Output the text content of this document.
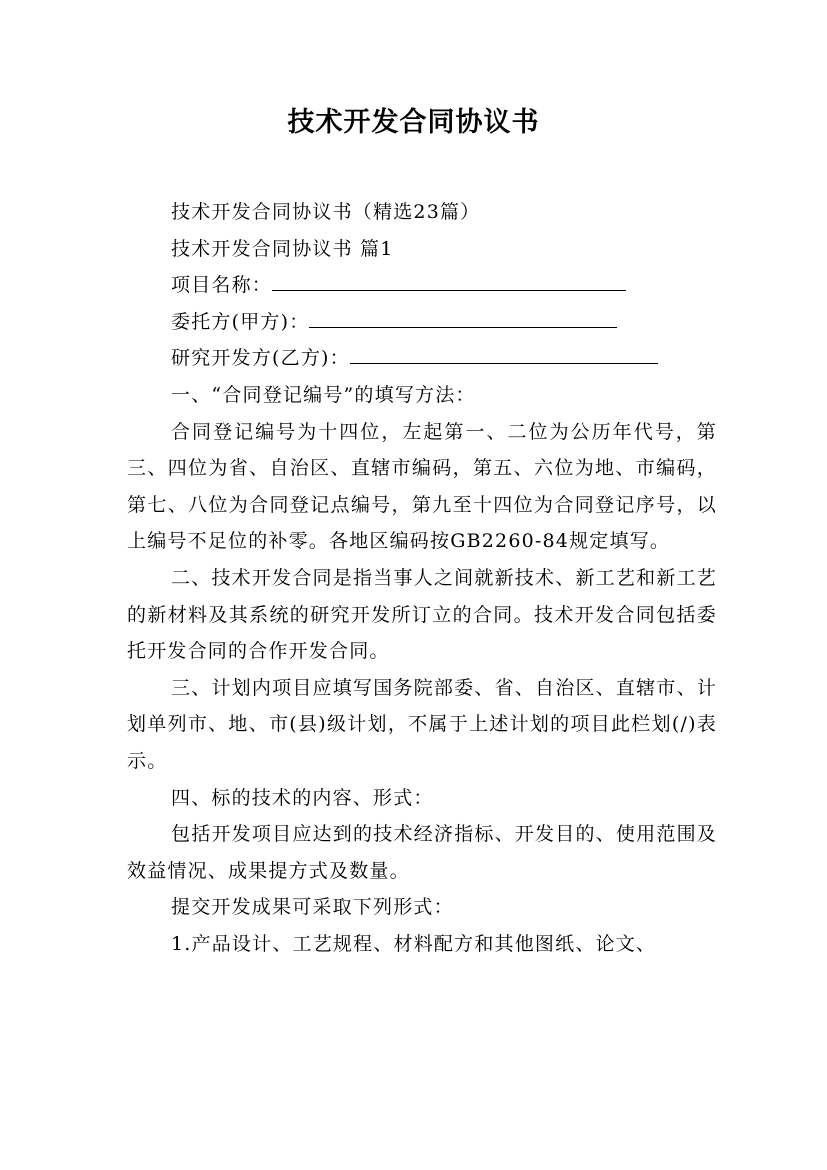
技术开发合同协议书

技术开发合同协议书（精选23篇）

技术开发合同协议书 篇1

项目名称：

委托方(甲方)：

研究开发方(乙方)：

一、“合同登记编号”的填写方法：

合同登记编号为十四位，左起第一、二位为公历年代号，第三、四位为省、自治区、直辖市编码，第五、六位为地、市编码，第七、八位为合同登记点编号，第九至十四位为合同登记序号，以上编号不足位的补零。各地区编码按GB2260-84规定填写。

二、技术开发合同是指当事人之间就新技术、新工艺和新工艺的新材料及其系统的研究开发所订立的合同。技术开发合同包括委托开发合同的合作开发合同。

三、计划内项目应填写国务院部委、省、自治区、直辖市、计划单列市、地、市(县)级计划，不属于上述计划的项目此栏划(/)表示。

四、标的技术的内容、形式：

包括开发项目应达到的技术经济指标、开发目的、使用范围及效益情况、成果提方式及数量。

提交开发成果可采取下列形式：

1.产品设计、工艺规程、材料配方和其他图纸、论文、
